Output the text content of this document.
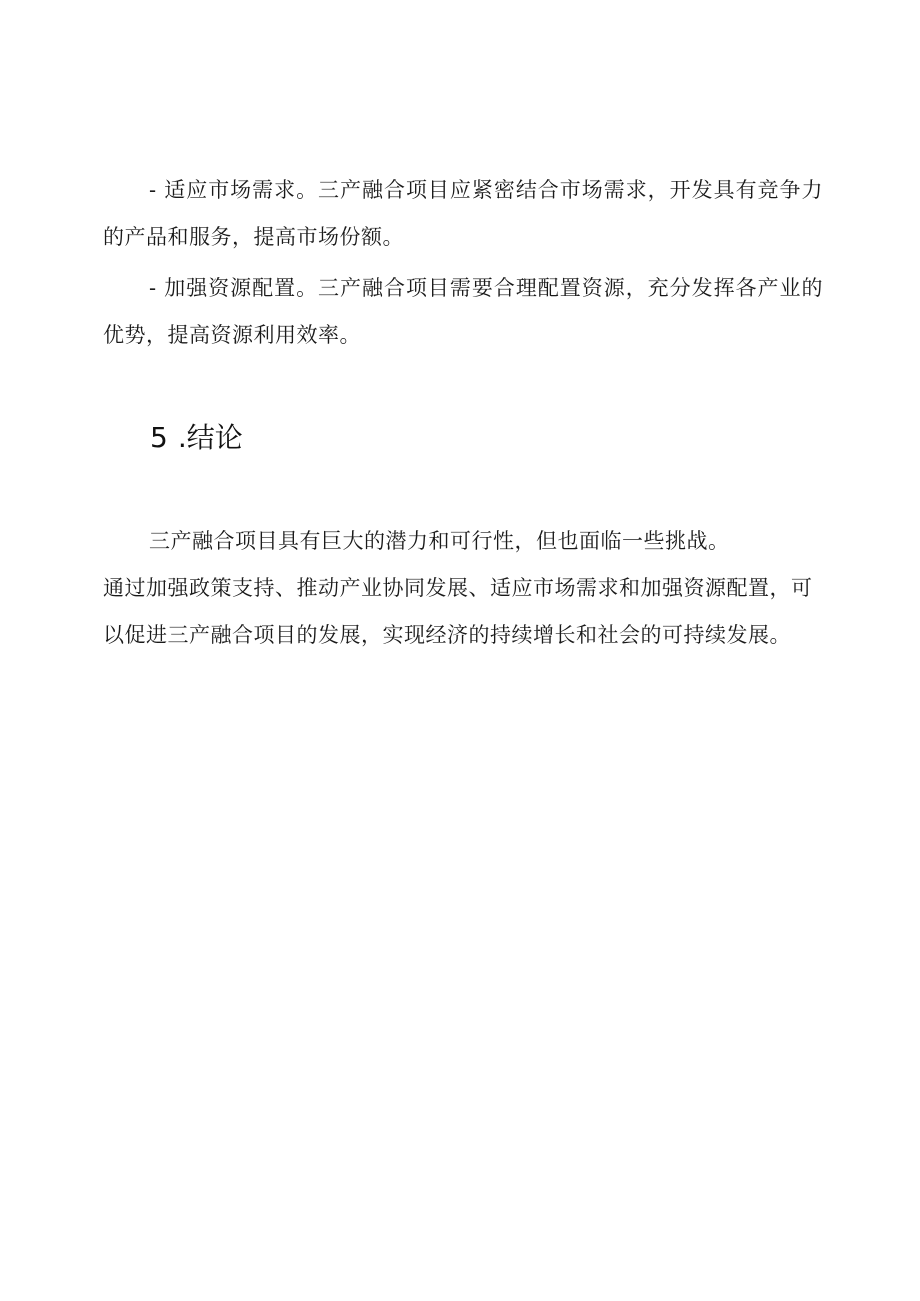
- 适应市场需求。三产融合项目应紧密结合市场需求，开发具有竞争力的产品和服务，提高市场份额。

- 加强资源配置。三产融合项目需要合理配置资源，充分发挥各产业的优势，提高资源利用效率。

5 .结论

三产融合项目具有巨大的潜力和可行性，但也面临一些挑战。
通过加强政策支持、推动产业协同发展、适应市场需求和加强资源配置，可
以促进三产融合项目的发展，实现经济的持续增长和社会的可持续发展。
